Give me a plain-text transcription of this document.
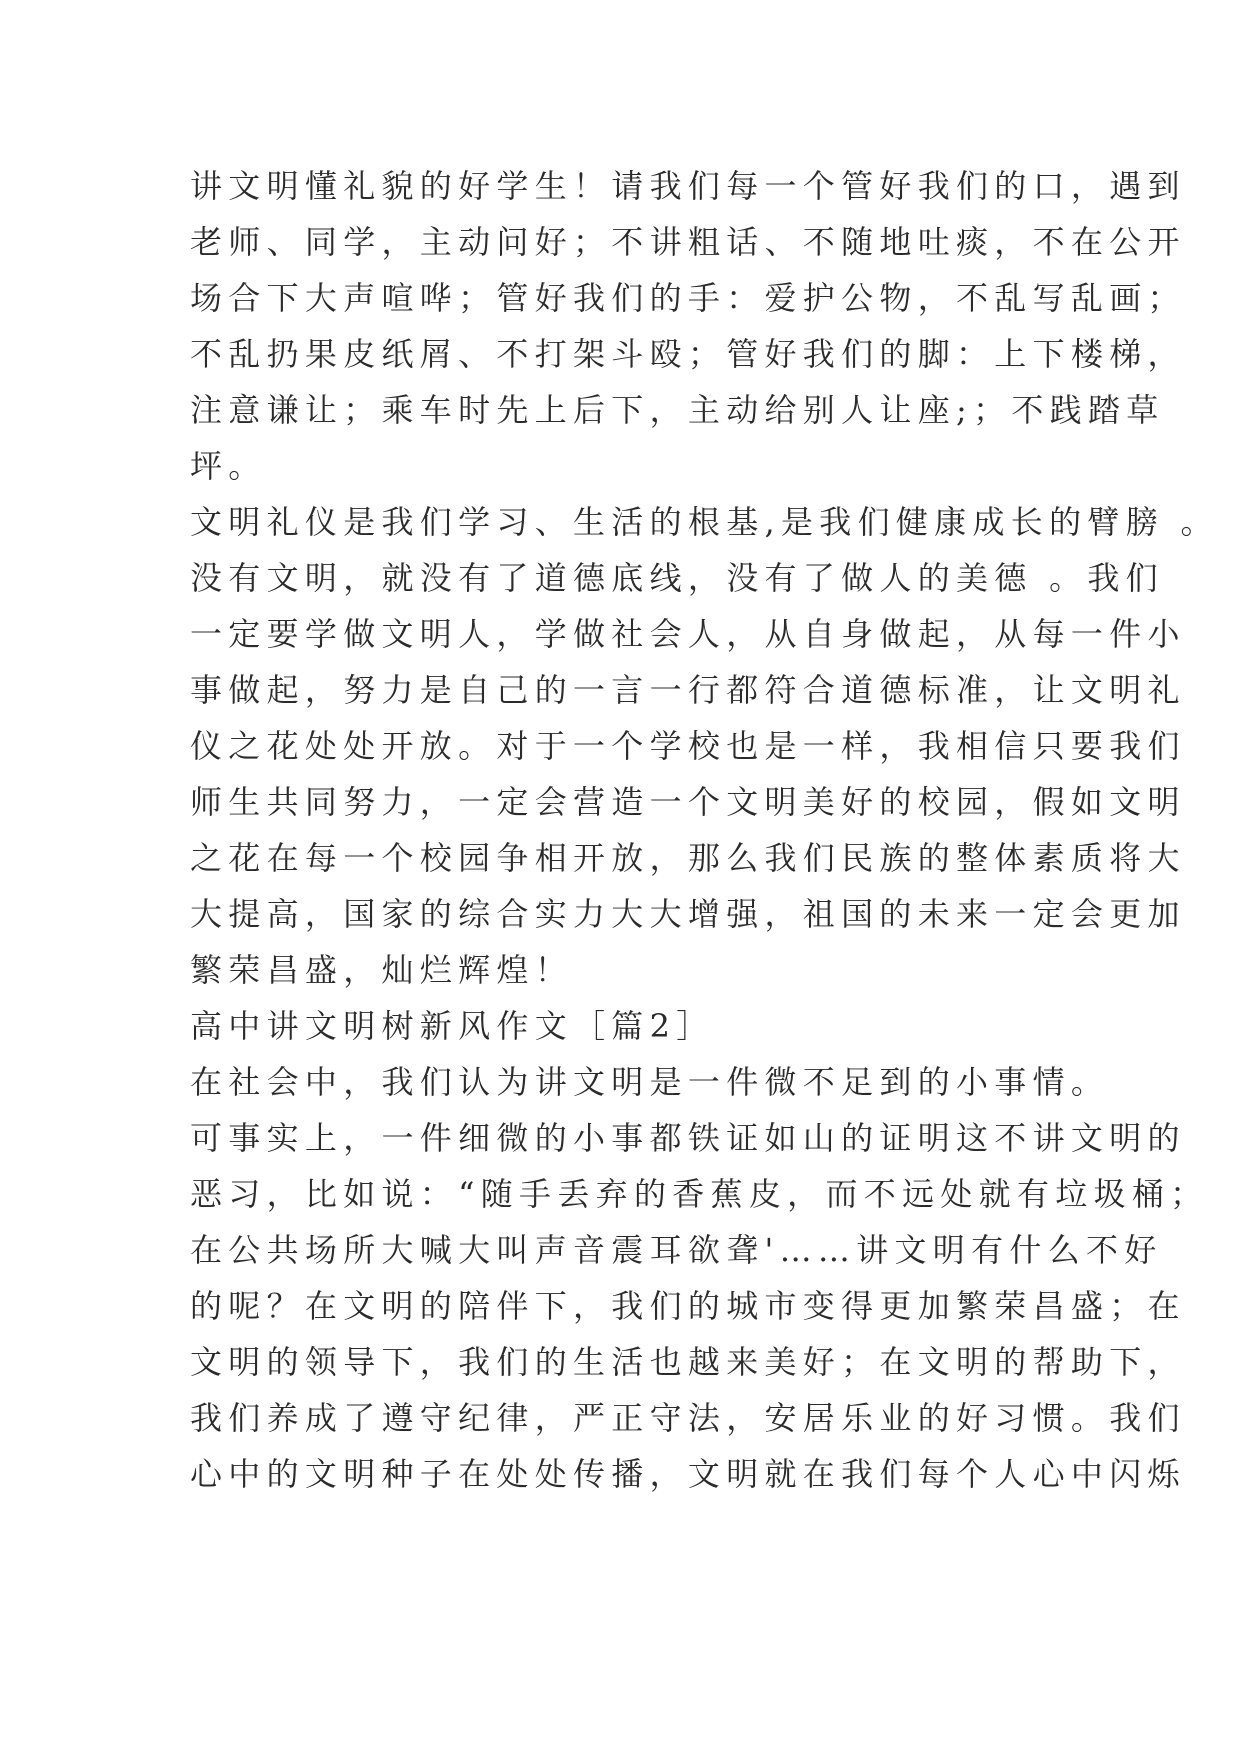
讲文明懂礼貌的好学生！请我们每一个管好我们的口，遇到
老师、同学，主动问好；不讲粗话、不随地吐痰，不在公开
场合下大声喧哗；管好我们的手：爱护公物，不乱写乱画；
不乱扔果皮纸屑、不打架斗殴；管好我们的脚：上下楼梯，
注意谦让；乘车时先上后下，主动给别人让座;；不践踏草
坪。
文明礼仪是我们学习、生活的根基,是我们健康成长的臂膀 。
没有文明，就没有了道德底线，没有了做人的美德 。我们
一定要学做文明人，学做社会人，从自身做起，从每一件小
事做起，努力是自己的一言一行都符合道德标准，让文明礼
仪之花处处开放。对于一个学校也是一样，我相信只要我们
师生共同努力，一定会营造一个文明美好的校园，假如文明
之花在每一个校园争相开放，那么我们民族的整体素质将大
大提高，国家的综合实力大大增强，祖国的未来一定会更加
繁荣昌盛，灿烂辉煌！
高中讲文明树新风作文［篇2］
在社会中，我们认为讲文明是一件微不足到的小事情。
可事实上，一件细微的小事都铁证如山的证明这不讲文明的
恶习，比如说：“随手丢弃的香蕉皮，而不远处就有垃圾桶；
在公共场所大喊大叫声音震耳欲聋'……讲文明有什么不好
的呢？在文明的陪伴下，我们的城市变得更加繁荣昌盛；在
文明的领导下，我们的生活也越来美好；在文明的帮助下，
我们养成了遵守纪律，严正守法，安居乐业的好习惯。我们
心中的文明种子在处处传播，文明就在我们每个人心中闪烁
